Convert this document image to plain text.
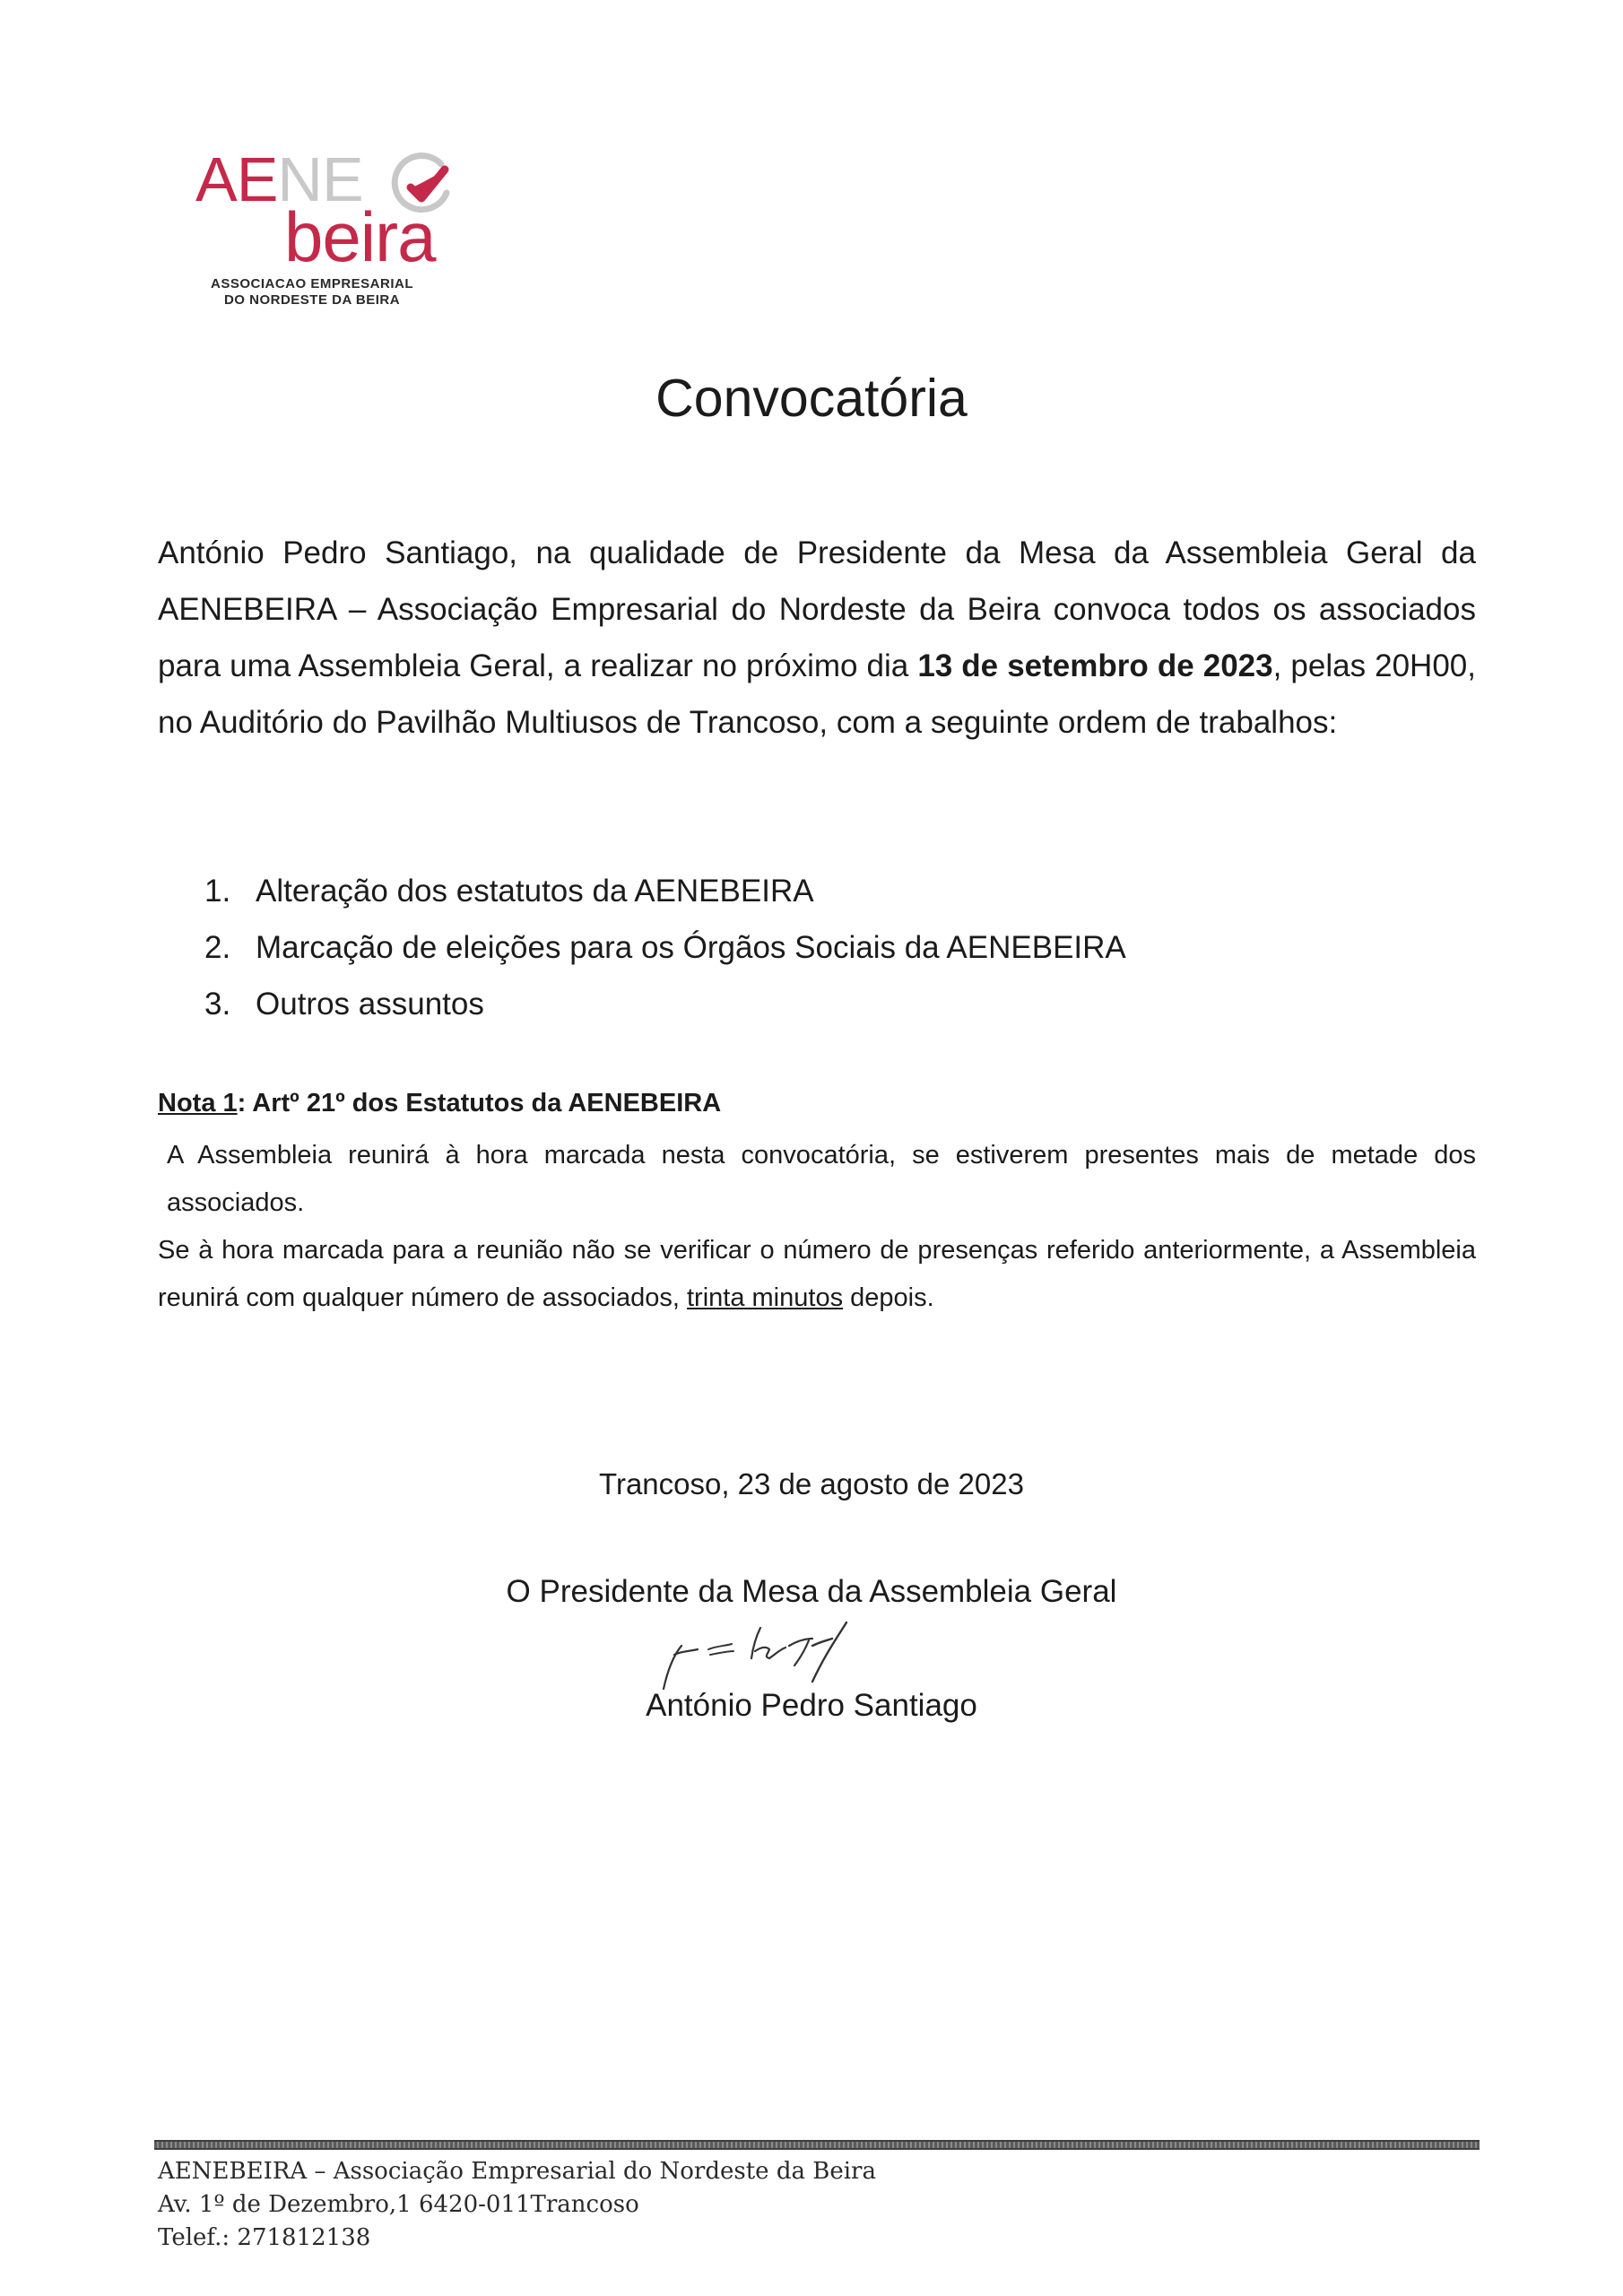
AENE
beira
ASSOCIACAO EMPRESARIAL
DO NORDESTE DA BEIRA
Convocatória

António Pedro Santiago, na qualidade de Presidente da Mesa da Assembleia Geral da AENEBEIRA – Associação Empresarial do Nordeste da Beira convoca todos os associados para uma Assembleia Geral, a realizar no próximo dia 13 de setembro de 2023, pelas 20H00, no Auditório do Pavilhão Multiusos de Trancoso, com a seguinte ordem de trabalhos:

1. Alteração dos estatutos da AENEBEIRA
2. Marcação de eleições para os Órgãos Sociais da AENEBEIRA
3. Outros assuntos

Nota 1: Artº 21º dos Estatutos da AENEBEIRA

A Assembleia reunirá à hora marcada nesta convocatória, se estiverem presentes mais de metade dos associados.
Se à hora marcada para a reunião não se verificar o número de presenças referido anteriormente, a Assembleia reunirá com qualquer número de associados, trinta minutos depois.

Trancoso, 23 de agosto de 2023

O Presidente da Mesa da Assembleia Geral

António Pedro Santiago

AENEBEIRA – Associação Empresarial do Nordeste da Beira
Av. 1º de Dezembro,1 6420-011Trancoso
Telef.: 271812138
